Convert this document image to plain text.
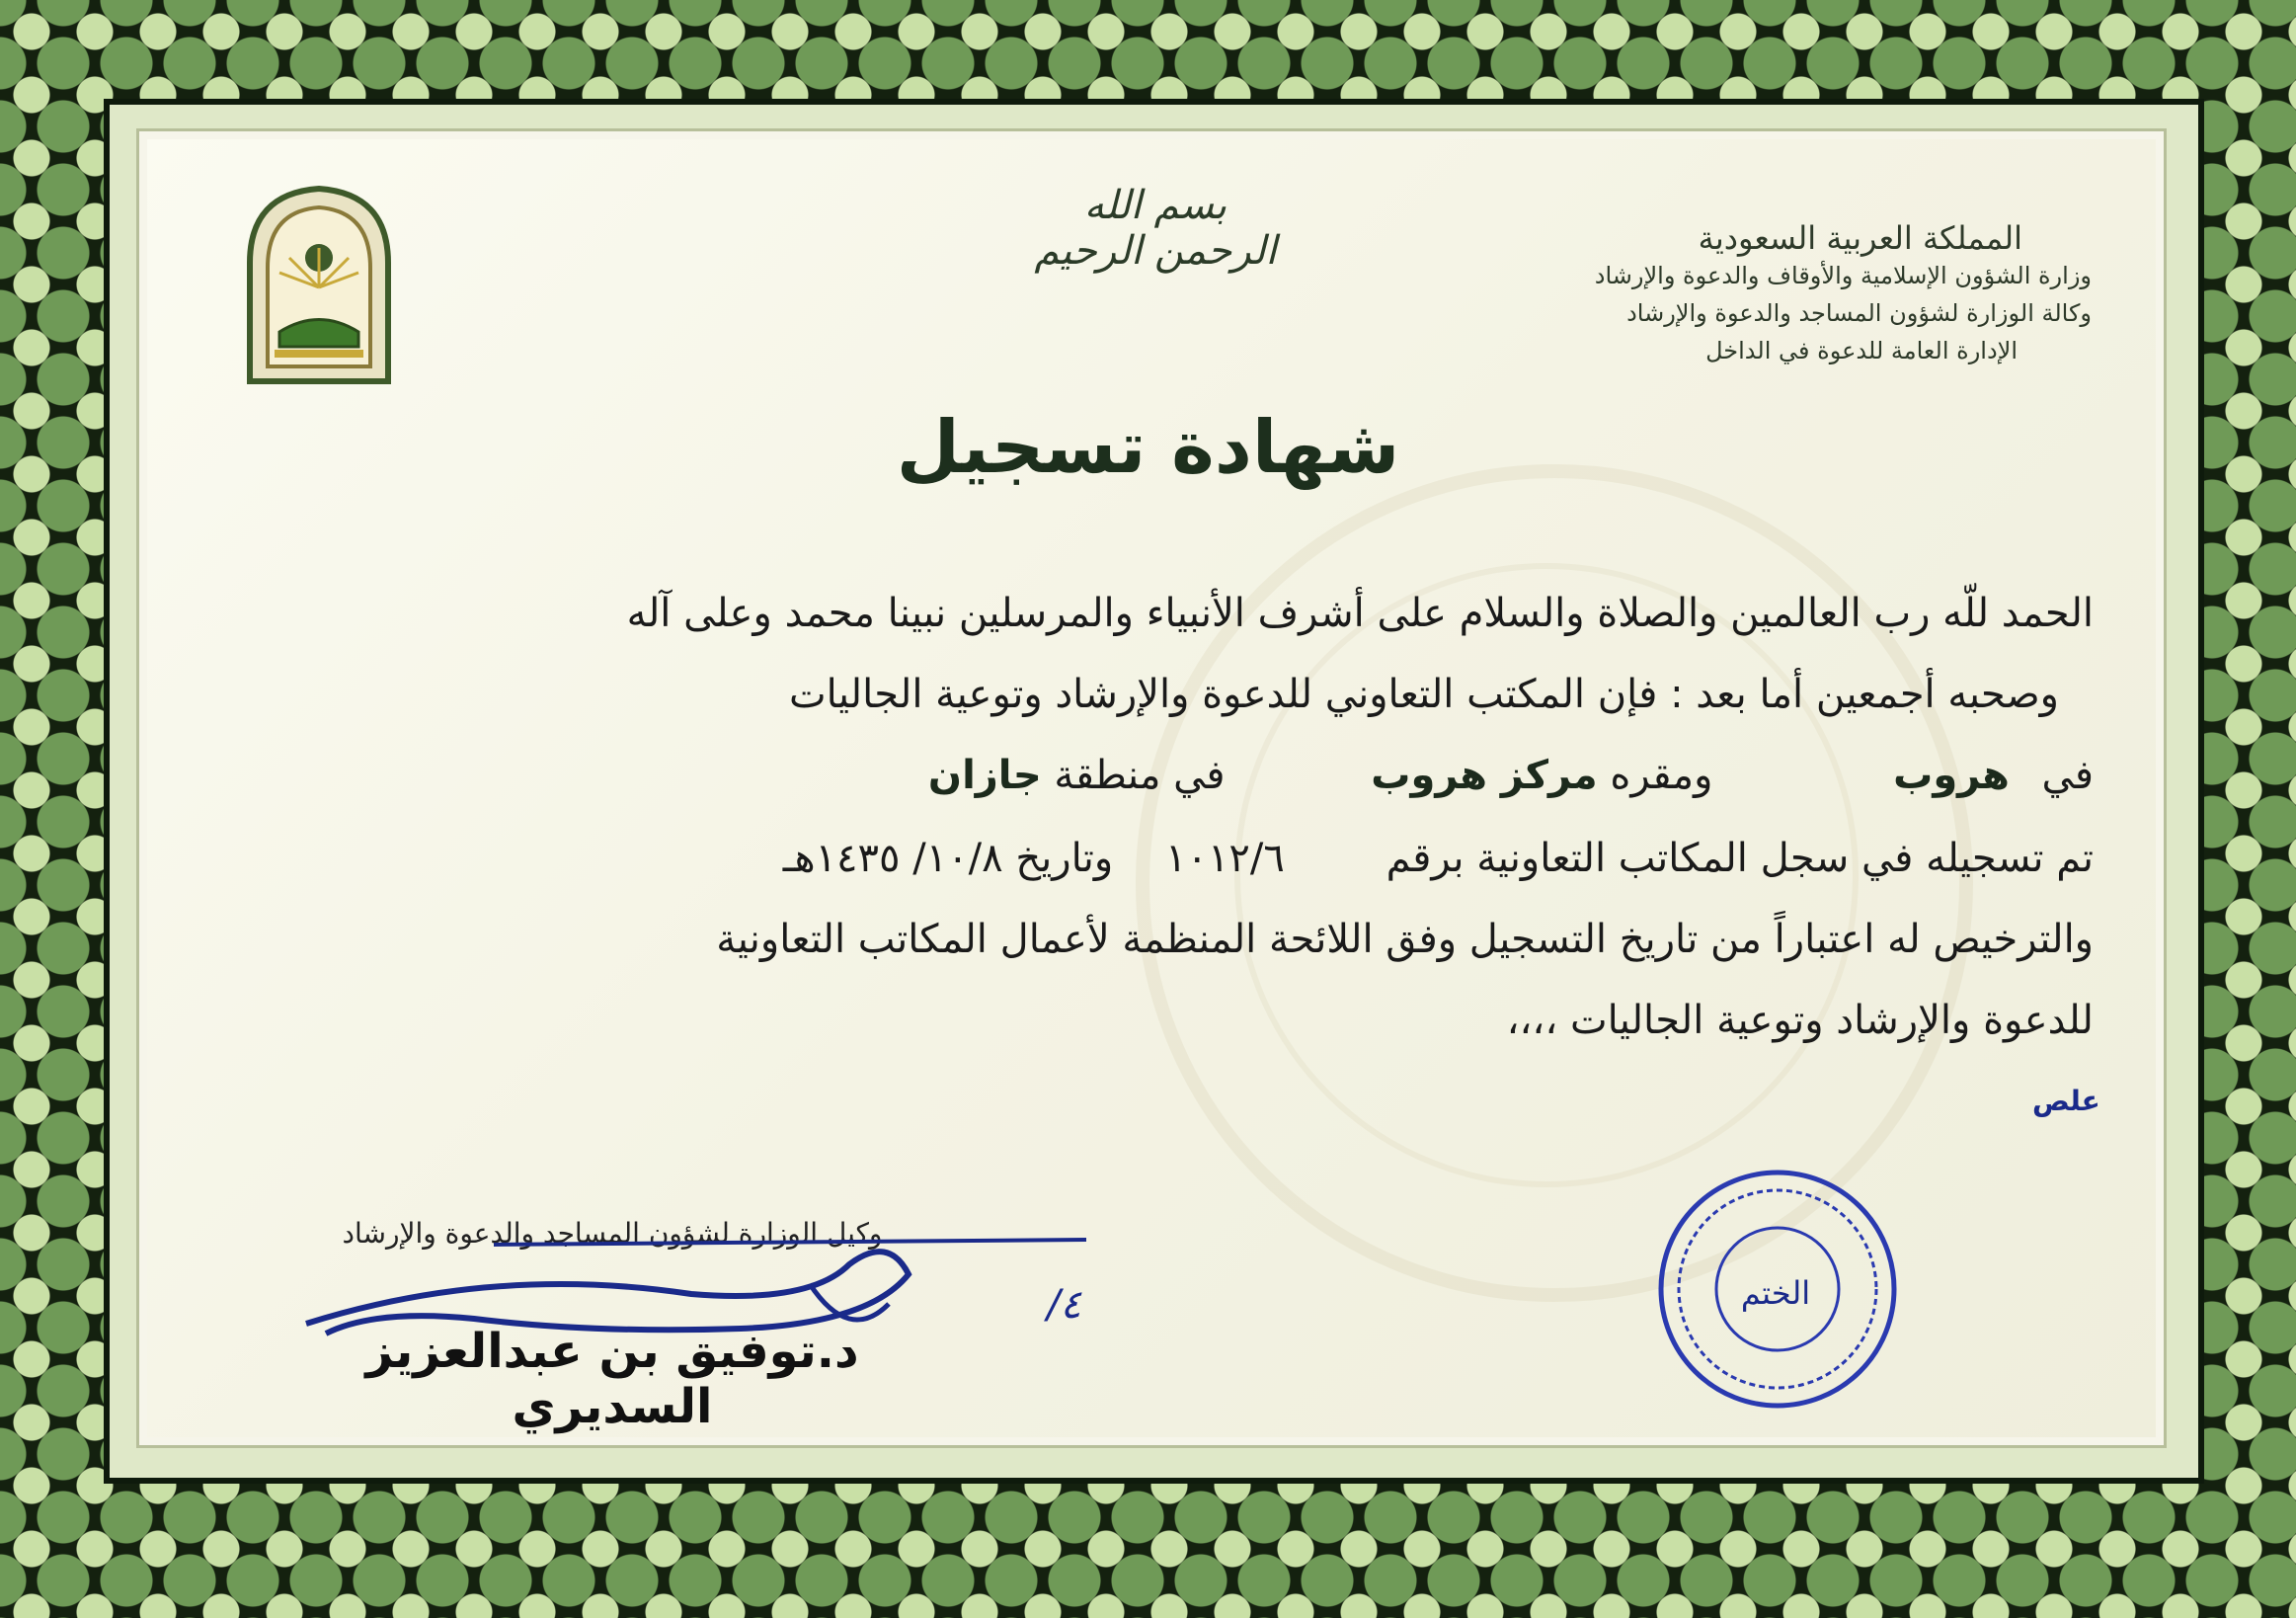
بسم الله الرحمن الرحيم	المملكة العربية السعودية
وزارة الشؤون الإسلامية والأوقاف والدعوة والإرشاد
وكالة الوزارة لشؤون المساجد والدعوة والإرشاد
الإدارة العامة للدعوة في الداخل
شهادة تسجيل
الحمد للّه رب العالمين والصلاة والسلام على أشرف الأنبياء والمرسلين نبينا محمد وعلى آله
وصحبه أجمعين أما بعد : فإن المكتب التعاوني للدعوة والإرشاد وتوعية الجاليات
في هروب ومقره مركز هروب في منطقة جازان
تم تسجيله في سجل المكاتب التعاونية برقم ١٠١٢/٦ وتاريخ ١٠/٨/ ١٤٣٥هـ
والترخيص له اعتباراً من تاريخ التسجيل وفق اللائحة المنظمة لأعمال المكاتب التعاونية
للدعوة والإرشاد وتوعية الجاليات ،،،،
علص
وكيل الوزارة لشؤون المساجد والدعوة والإرشاد
/٤
د.توفيق بن عبدالعزيز السديري
الختم
